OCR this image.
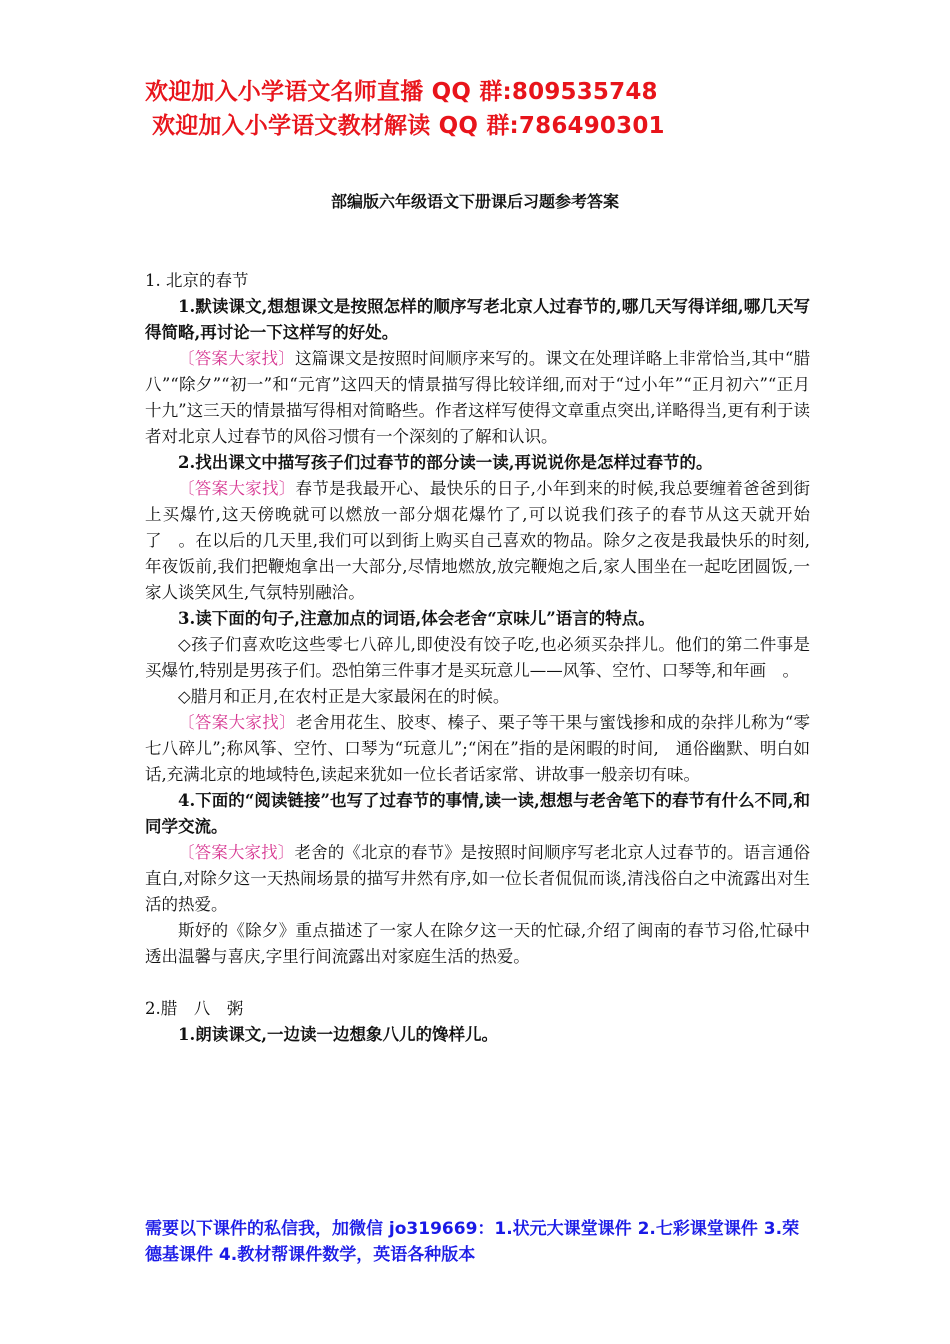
欢迎加入小学语文名师直播 QQ 群:809535748
欢迎加入小学语文教材解读 QQ 群:786490301
部编版六年级语文下册课后习题参考答案

1. 北京的春节

1.默读课文,想想课文是按照怎样的顺序写老北京人过春节的,哪几天写得详细,哪几天写得简略,再讨论一下这样写的好处。

〔答案大家找〕这篇课文是按照时间顺序来写的。课文在处理详略上非常恰当,其中“腊八”“除夕”“初一”和“元宵”这四天的情景描写得比较详细,而对于“过小年”“正月初六”“正月十九”这三天的情景描写得相对简略些。作者这样写使得文章重点突出,详略得当,更有利于读者对北京人过春节的风俗习惯有一个深刻的了解和认识。

2.找出课文中描写孩子们过春节的部分读一读,再说说你是怎样过春节的。

〔答案大家找〕春节是我最开心、最快乐的日子,小年到来的时候,我总要缠着爸爸到街上买爆竹,这天傍晚就可以燃放一部分烟花爆竹了,可以说我们孩子的春节从这天就开始了　。在以后的几天里,我们可以到街上购买自己喜欢的物品。除夕之夜是我最快乐的时刻,年夜饭前,我们把鞭炮拿出一大部分,尽情地燃放,放完鞭炮之后,家人围坐在一起吃团圆饭,一家人谈笑风生,气氛特别融洽。

3.读下面的句子,注意加点的词语,体会老舍“京味儿”语言的特点。

◇孩子们喜欢吃这些零七八碎儿,即使没有饺子吃,也必须买杂拌儿。他们的第二件事是买爆竹,特别是男孩子们。恐怕第三件事才是买玩意儿——风筝、空竹、口琴等,和年画　。

◇腊月和正月,在农村正是大家最闲在的时候。

〔答案大家找〕老舍用花生、胶枣、榛子、栗子等干果与蜜饯掺和成的杂拌儿称为“零七八碎儿”;称风筝、空竹、口琴为“玩意儿”;“闲在”指的是闲暇的时间,　通俗幽默、明白如话,充满北京的地域特色,读起来犹如一位长者话家常、讲故事一般亲切有味。

4.下面的“阅读链接”也写了过春节的事情,读一读,想想与老舍笔下的春节有什么不同,和同学交流。

〔答案大家找〕老舍的《北京的春节》是按照时间顺序写老北京人过春节的。语言通俗直白,对除夕这一天热闹场景的描写井然有序,如一位长者侃侃而谈,清浅俗白之中流露出对生活的热爱。

斯妤的《除夕》重点描述了一家人在除夕这一天的忙碌,介绍了闽南的春节习俗,忙碌中透出温馨与喜庆,字里行间流露出对家庭生活的热爱。

2.腊　八　粥

1.朗读课文,一边读一边想象八儿的馋样儿。

需要以下课件的私信我，加微信 jo319669：1.状元大课堂课件 2.七彩课堂课件 3.荣德基课件 4.教材帮课件数学，英语各种版本
